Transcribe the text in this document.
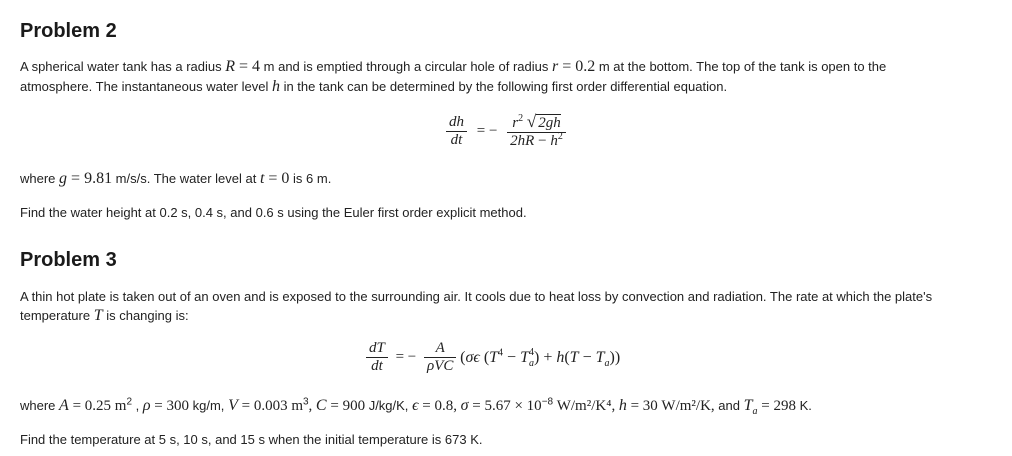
Problem 2
A spherical water tank has a radius R = 4 m and is emptied through a circular hole of radius r = 0.2 m at the bottom. The top of the tank is open to the
atmosphere. The instantaneous water level h in the tank can be determined by the following first order differential equation.
$\frac{dh}{dt}$ = − $\frac{r^2 √ 2gh}{2hR - h^2}$
where g = 9.81 m/s/s. The water level at t = 0 is 6 m.
Find the water height at 0.2 s, 0.4 s, and 0.6 s using the Euler first order explicit method.
Problem 3
A thin hot plate is taken out of an oven and is exposed to the surrounding air. It cools due to heat loss by convection and radiation. The rate at which the plate's
temperature T is changing is:
$\frac{dT}{dt}$ = − $\frac{A}{\text{ρVC}} (\sigma\epsilon$ $(T^4 - T_a^4) + h(T - T_a)$)
where A = 0.25 $m^2$ , ρ = 300 kg/m, V = 0.003 $m^3$, C = 900 J/kg/K, ϵ = 0.8, $\sigma = 5.67 \times 10^{-8}$ W/m²/K⁴, h = 30 W/m²/K, and $T_a = 298$ K.
Find the temperature at 5 s, 10 s, and 15 s when the initial temperature is 673 K.
